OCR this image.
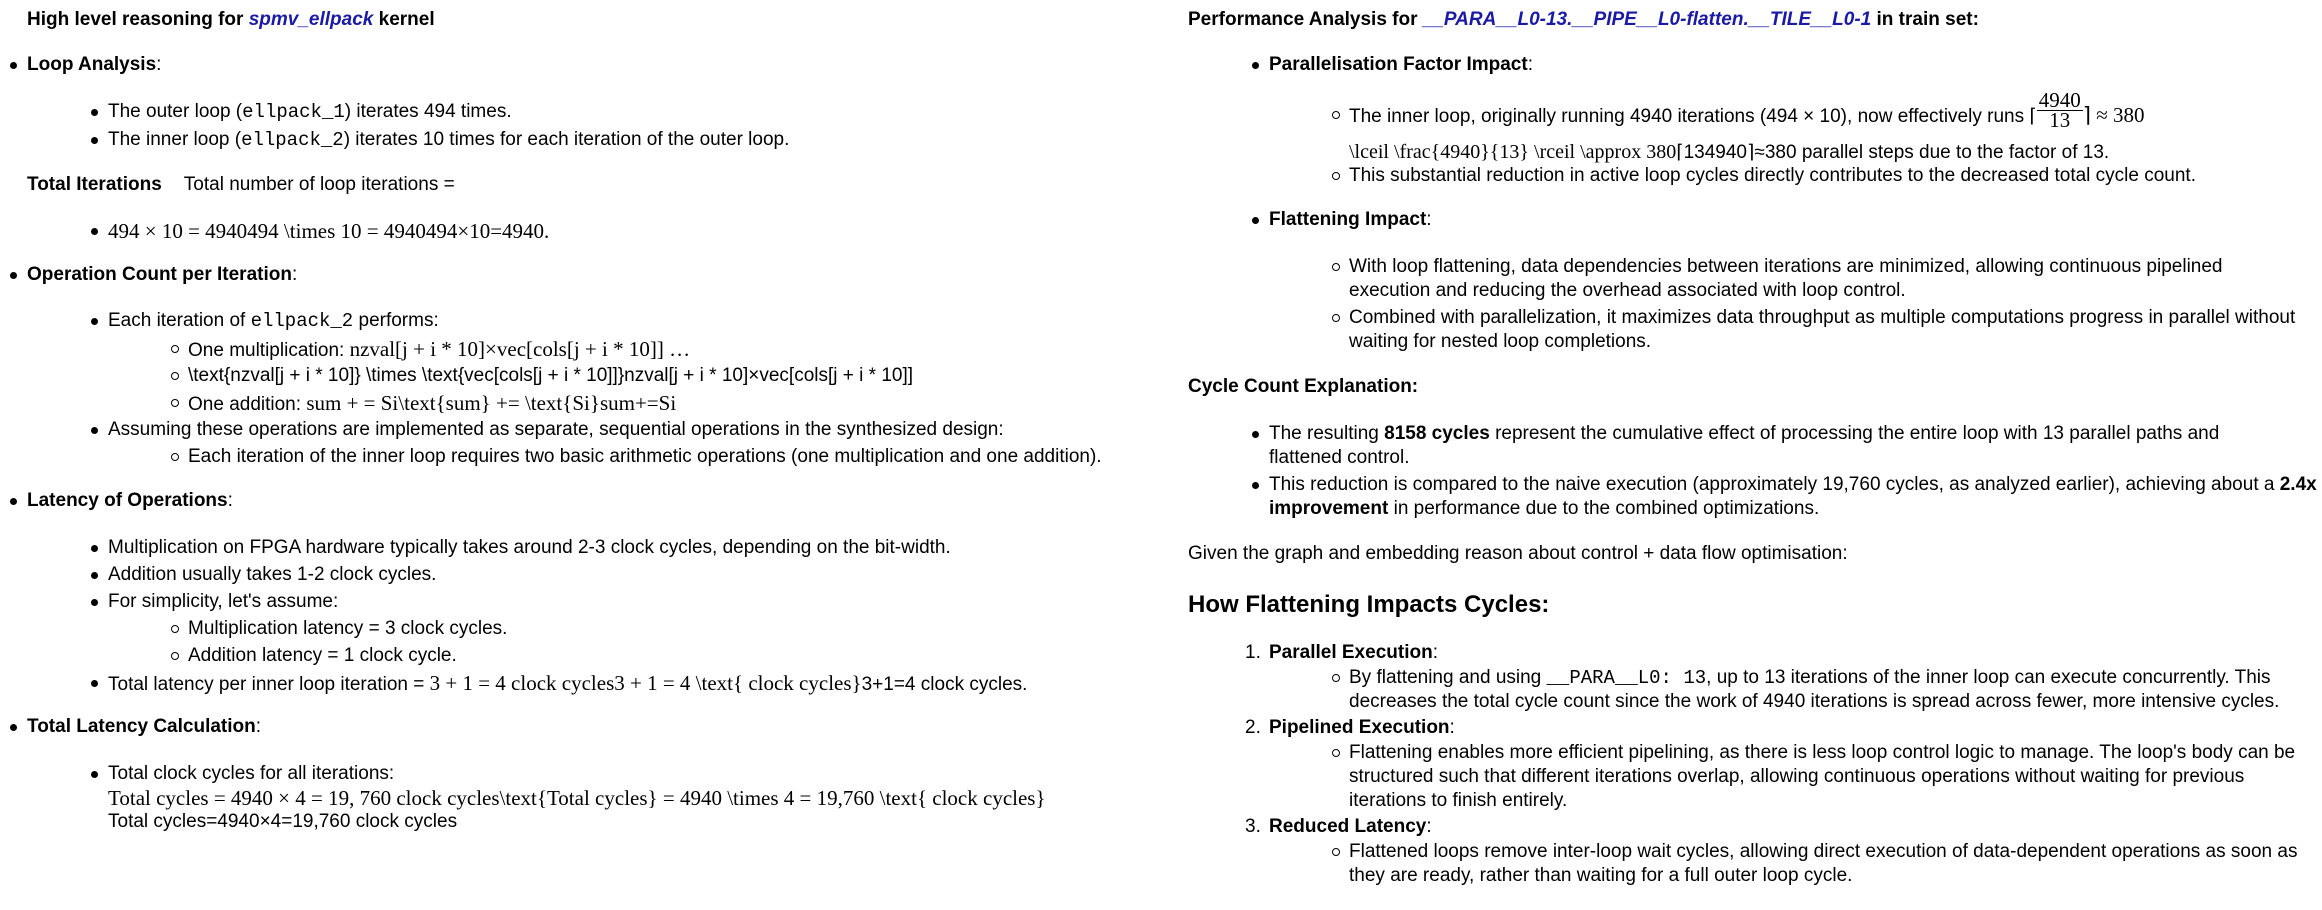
High level reasoning for spmv_ellpack kernel
Loop Analysis:
The outer loop (ellpack_1) iterates 494 times.
The inner loop (ellpack_2) iterates 10 times for each iteration of the outer loop.
Total Iterations Total number of loop iterations =
494 × 10 = 4940494 \times 10 = 4940494×10=4940.
Operation Count per Iteration:
Each iteration of ellpack_2 performs:
One multiplication: nzval[j + i * 10]×vec[cols[j + i * 10]] …
\text{nzval[j + i * 10]} \times \text{vec[cols[j + i * 10]]}nzval[j + i * 10]×vec[cols[j + i * 10]]
One addition: sum + = Si\text{sum} += \text{Si}sum+=Si
Assuming these operations are implemented as separate, sequential operations in the synthesized design:
Each iteration of the inner loop requires two basic arithmetic operations (one multiplication and one addition).
Latency of Operations:
Multiplication on FPGA hardware typically takes around 2-3 clock cycles, depending on the bit-width.
Addition usually takes 1-2 clock cycles.
For simplicity, let's assume:
Multiplication latency = 3 clock cycles.
Addition latency = 1 clock cycle.
Total latency per inner loop iteration = 3 + 1 = 4 clock cycles3 + 1 = 4 \text{ clock cycles}3+1=4 clock cycles.
Total Latency Calculation:
Total clock cycles for all iterations:
Total cycles = 4940 × 4 = 19, 760 clock cycles\text{Total cycles} = 4940 \times 4 = 19,760 \text{ clock cycles}
Total cycles=4940×4=19,760 clock cycles
Performance Analysis for __PARA__L0-13.__PIPE__L0-flatten.__TILE__L0-1 in train set:
Parallelisation Factor Impact:
The inner loop, originally running 4940 iterations (494 × 10), now effectively runs ⌈ $\frac{4940}{13}$ ⌉ ≈ 380
\lceil \frac{4940}{13} \rceil \approx 380⌈134940⌉≈380 parallel steps due to the factor of 13.
This substantial reduction in active loop cycles directly contributes to the decreased total cycle count.
Flattening Impact:
With loop flattening, data dependencies between iterations are minimized, allowing continuous pipelined execution and reducing the overhead associated with loop control.
Combined with parallelization, it maximizes data throughput as multiple computations progress in parallel without waiting for nested loop completions.
Cycle Count Explanation:
The resulting 8158 cycles represent the cumulative effect of processing the entire loop with 13 parallel paths and flattened control.
This reduction is compared to the naive execution (approximately 19,760 cycles, as analyzed earlier), achieving about a 2.4x improvement in performance due to the combined optimizations.
Given the graph and embedding reason about control + data flow optimisation:
How Flattening Impacts Cycles:
1. Parallel Execution:
By flattening and using __PARA__L0: 13, up to 13 iterations of the inner loop can execute concurrently. This decreases the total cycle count since the work of 4940 iterations is spread across fewer, more intensive cycles.
2. Pipelined Execution:
Flattening enables more efficient pipelining, as there is less loop control logic to manage. The loop's body can be structured such that different iterations overlap, allowing continuous operations without waiting for previous iterations to finish entirely.
3. Reduced Latency:
Flattened loops remove inter-loop wait cycles, allowing direct execution of data-dependent operations as soon as they are ready, rather than waiting for a full outer loop cycle.
